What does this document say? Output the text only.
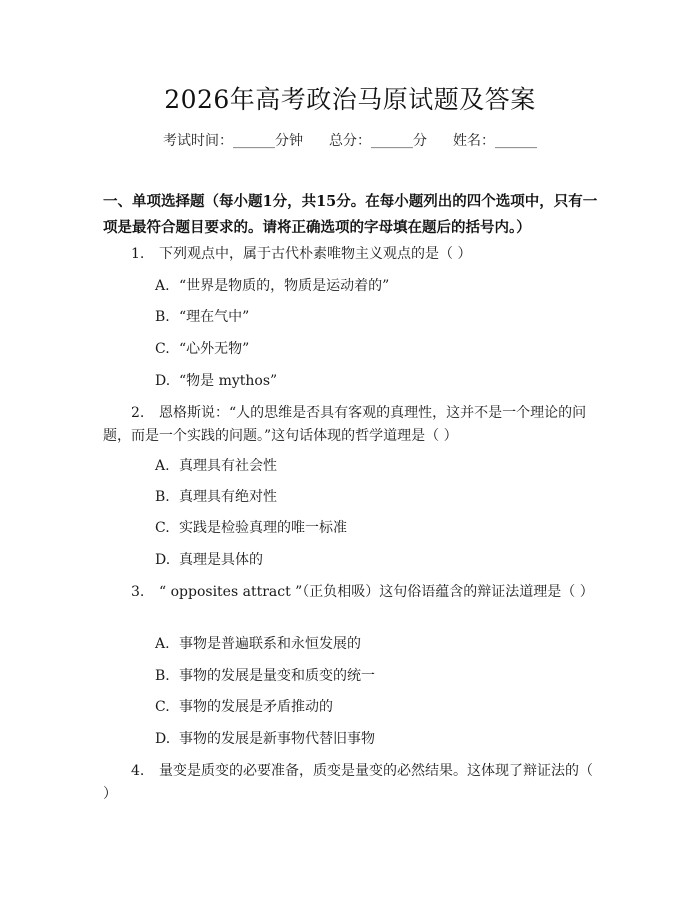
2026年高考政治马原试题及答案
考试时间：______分钟 总分：______分 姓名：______
一、单项选择题（每小题1分，共15分。在每小题列出的四个选项中，只有一项是最符合题目要求的。请将正确选项的字母填在题后的括号内。）
1. 下列观点中，属于古代朴素唯物主义观点的是（ ）
A. “世界是物质的，物质是运动着的”
B. “理在气中”
C. “心外无物”
D. “物是 mythos”
2. 恩格斯说：“人的思维是否具有客观的真理性，这并不是一个理论的问题，而是一个实践的问题。”这句话体现的哲学道理是（ ）
A. 真理具有社会性
B. 真理具有绝对性
C. 实践是检验真理的唯一标准
D. 真理是具体的
3. “ opposites attract ”（正负相吸）这句俗语蕴含的辩证法道理是（ ）
A. 事物是普遍联系和永恒发展的
B. 事物的发展是量变和质变的统一
C. 事物的发展是矛盾推动的
D. 事物的发展是新事物代替旧事物
4. 量变是质变的必要准备，质变是量变的必然结果。这体现了辩证法的（ ）
